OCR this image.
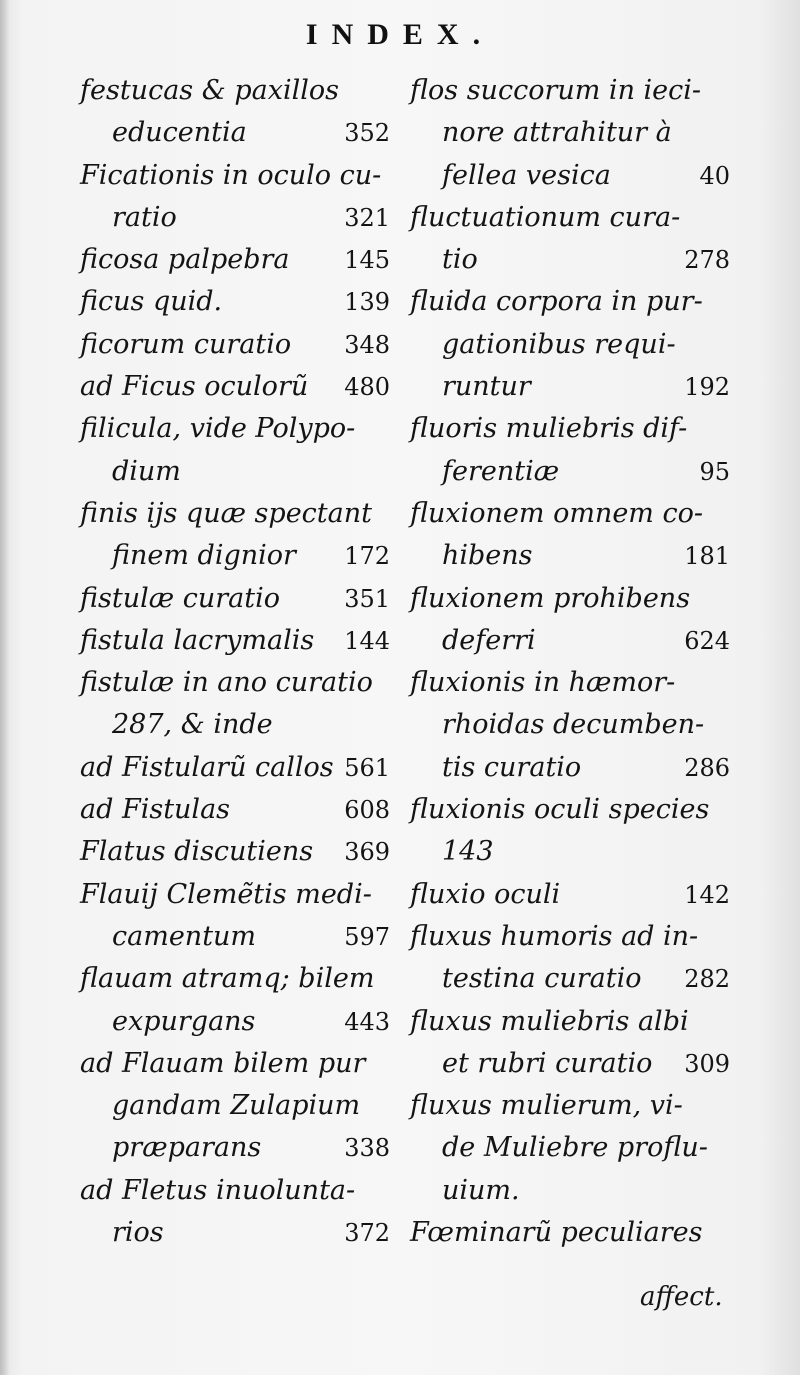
INDEX.
festucas & paxillos
educentia	352
Ficationis in oculo cu-
ratio	321
ficosa palpebra 145
ficus quid.	139
ficorum curatio 348
ad Ficus oculorũ 480
filicula, vide Polypo-
dium
finis ijs quæ spectant
finem dignior 172
fistulæ curatio	351
fistula lacrymalis 144
fistulæ in ano curatio
287, & inde
ad Fistularũ callos 561
ad Fistulas	608
Flatus discutiens 369
Flauij Clemẽtis medi-
camentum	597
flauam atramq; bilem
expurgans	443
ad Flauam bilem pur
gandam Zulapium
præparans	338
ad Fletus inuolunta-
rios	372
flos succorum in ieci-
nore attrahitur à
fellea vesica	40
fluctuationum cura-
tio	278
fluida corpora in pur-
gationibus requi-
runtur	192
fluoris muliebris dif-
ferentiæ	95
fluxionem omnem co-
hibens	181
fluxionem prohibens
deferri	624
fluxionis in hæmor-
rhoidas decumben-
tis curatio	286
fluxionis oculi species
143
fluxio oculi	142
fluxus humoris ad in-
testina curatio 282
fluxus muliebris albi
et rubri curatio 309
fluxus mulierum, vi-
de Muliebre proflu-
uium.
Fœminarũ peculiares
affect.
